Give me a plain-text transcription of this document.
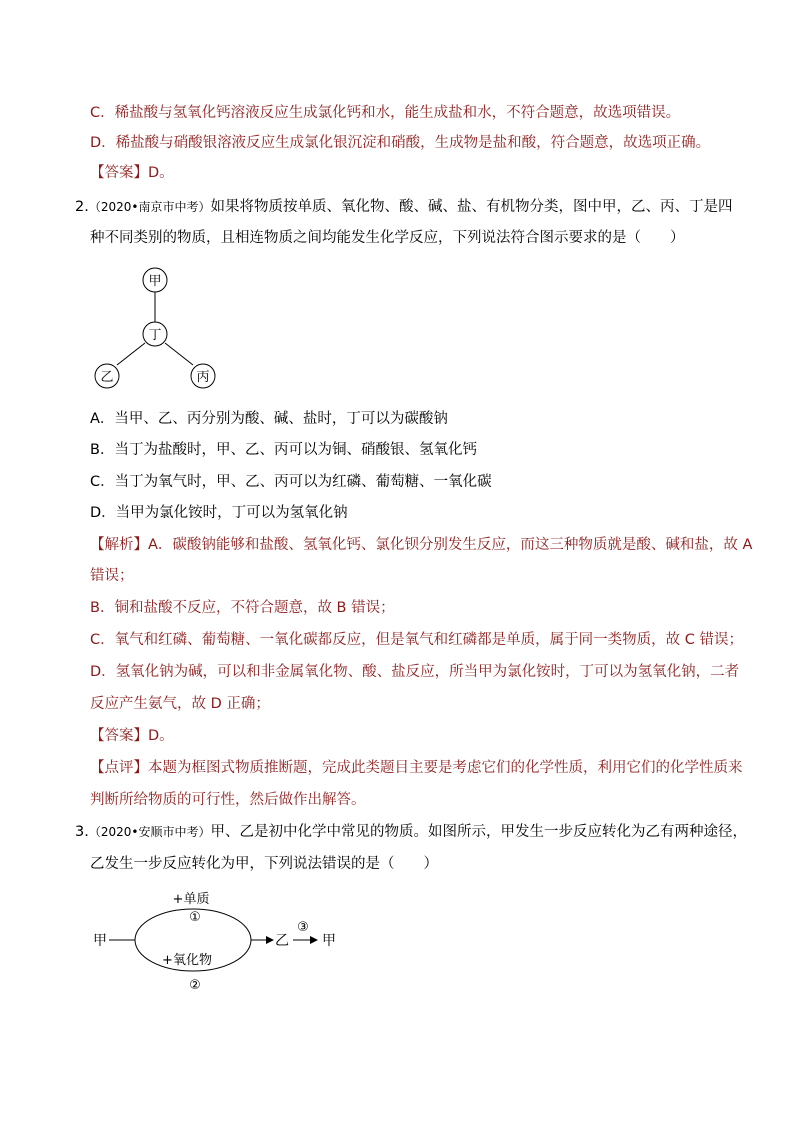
C．稀盐酸与氢氧化钙溶液反应生成氯化钙和水，能生成盐和水，不符合题意，故选项错误。
D．稀盐酸与硝酸银溶液反应生成氯化银沉淀和硝酸，生成物是盐和酸，符合题意，故选项正确。
【答案】D。
2.（2020•南京市中考）如果将物质按单质、氧化物、酸、碱、盐、有机物分类，图中甲，乙、丙、丁是四
种不同类别的物质，且相连物质之间均能发生化学反应，下列说法符合图示要求的是（　　）
甲
丁
乙	丙
A．当甲、乙、丙分别为酸、碱、盐时，丁可以为碳酸钠
B．当丁为盐酸时，甲、乙、丙可以为铜、硝酸银、氢氧化钙
C．当丁为氧气时，甲、乙、丙可以为红磷、葡萄糖、一氧化碳
D．当甲为氯化铵时，丁可以为氢氧化钠
【解析】A．碳酸钠能够和盐酸、氢氧化钙、氯化钡分别发生反应，而这三种物质就是酸、碱和盐，故 A
错误；
B．铜和盐酸不反应，不符合题意，故 B 错误；
C．氧气和红磷、葡萄糖、一氧化碳都反应，但是氧气和红磷都是单质，属于同一类物质，故 C 错误；
D．氢氧化钠为碱，可以和非金属氧化物、酸、盐反应，所当甲为氯化铵时，丁可以为氢氧化钠，二者
反应产生氨气，故 D 正确；
【答案】D。
【点评】本题为框图式物质推断题，完成此类题目主要是考虑它们的化学性质，利用它们的化学性质来
判断所给物质的可行性，然后做作出解答。
3.（2020•安顺市中考）甲、乙是初中化学中常见的物质。如图所示，甲发生一步反应转化为乙有两种途径，
乙发生一步反应转化为甲，下列说法错误的是（　　）
甲
+单质
①
+氧化物
②
乙
③
甲
